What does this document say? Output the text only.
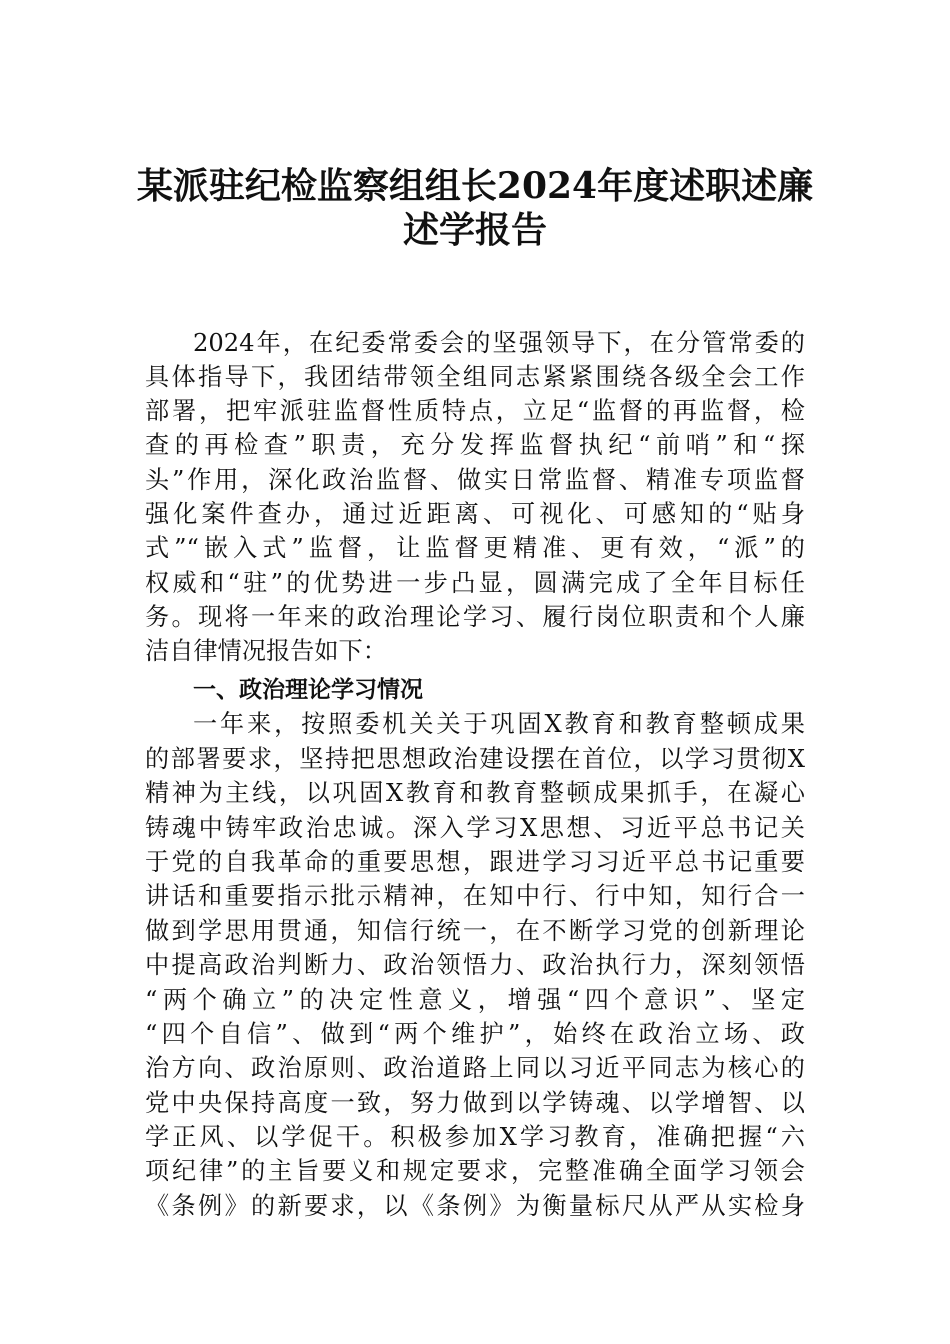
某派驻纪检监察组组长2024年度述职述廉
述学报告
2024年，在纪委常委会的坚强领导下，在分管常委的
具体指导下，我团结带领全组同志紧紧围绕各级全会工作
部署，把牢派驻监督性质特点，立足“监督的再监督，检
查的再检查”职责，充分发挥监督执纪“前哨”和“探
头”作用，深化政治监督、做实日常监督、精准专项监督
强化案件查办，通过近距离、可视化、可感知的“贴身
式”“嵌入式”监督，让监督更精准、更有效，“派”的
权威和“驻”的优势进一步凸显，圆满完成了全年目标任
务。现将一年来的政治理论学习、履行岗位职责和个人廉
洁自律情况报告如下：
一、政治理论学习情况
一年来，按照委机关关于巩固X教育和教育整顿成果
的部署要求，坚持把思想政治建设摆在首位，以学习贯彻X
精神为主线，以巩固X教育和教育整顿成果抓手，在凝心
铸魂中铸牢政治忠诚。深入学习X思想、习近平总书记关
于党的自我革命的重要思想，跟进学习习近平总书记重要
讲话和重要指示批示精神，在知中行、行中知，知行合一
做到学思用贯通，知信行统一，在不断学习党的创新理论
中提高政治判断力、政治领悟力、政治执行力，深刻领悟
“两个确立”的决定性意义，增强“四个意识”、坚定
“四个自信”、做到“两个维护”，始终在政治立场、政
治方向、政治原则、政治道路上同以习近平同志为核心的
党中央保持高度一致，努力做到以学铸魂、以学增智、以
学正风、以学促干。积极参加X学习教育，准确把握“六
项纪律”的主旨要义和规定要求，完整准确全面学习领会
《条例》的新要求，以《条例》为衡量标尺从严从实检身
